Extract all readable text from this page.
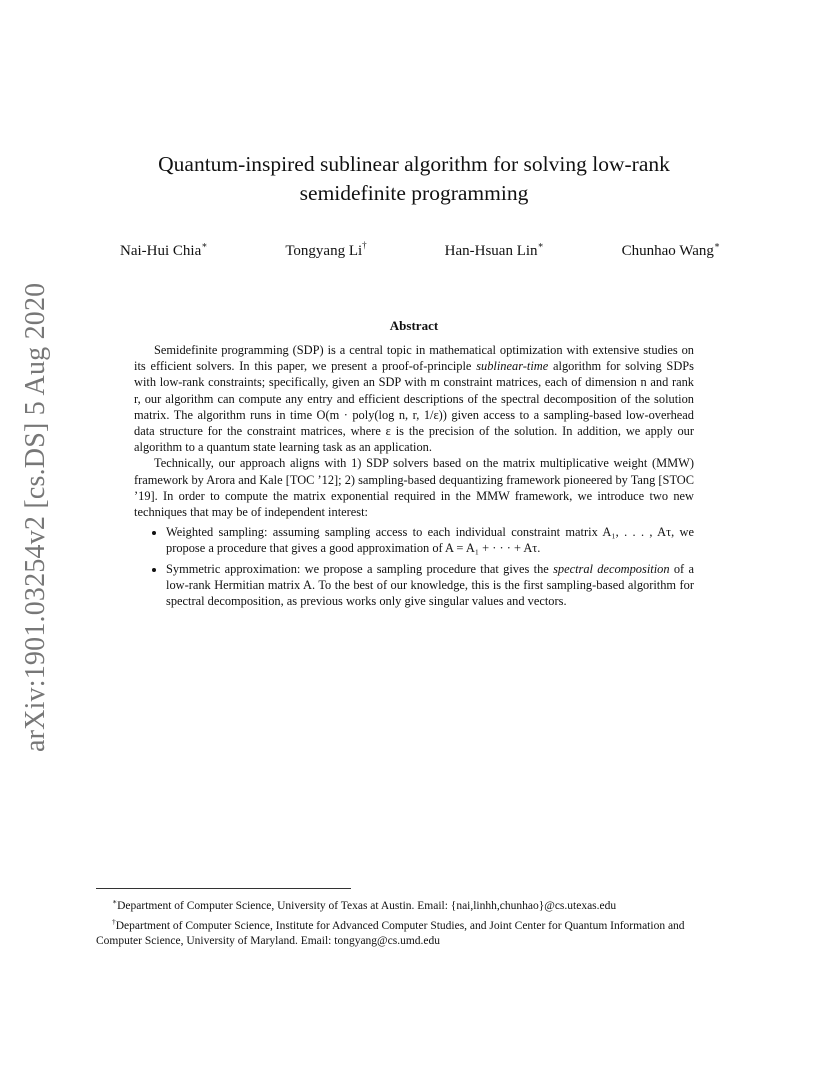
arXiv:1901.03254v2 [cs.DS] 5 Aug 2020
Quantum-inspired sublinear algorithm for solving low-rank semidefinite programming
Nai-Hui Chia∗	Tongyang Li†	Han-Hsuan Lin∗	Chunhao Wang∗
Abstract

Semidefinite programming (SDP) is a central topic in mathematical optimization with extensive studies on its efficient solvers. In this paper, we present a proof-of-principle sublinear-time algorithm for solving SDPs with low-rank constraints; specifically, given an SDP with m constraint matrices, each of dimension n and rank r, our algorithm can compute any entry and efficient descriptions of the spectral decomposition of the solution matrix. The algorithm runs in time O(m · poly(log n, r, 1/ε)) given access to a sampling-based low-overhead data structure for the constraint matrices, where ε is the precision of the solution. In addition, we apply our algorithm to a quantum state learning task as an application.

Technically, our approach aligns with 1) SDP solvers based on the matrix multiplicative weight (MMW) framework by Arora and Kale [TOC ’12]; 2) sampling-based dequantizing framework pioneered by Tang [STOC ’19]. In order to compute the matrix exponential required in the MMW framework, we introduce two new techniques that may be of independent interest:

• Weighted sampling: assuming sampling access to each individual constraint matrix A₁, . . . , Aτ, we propose a procedure that gives a good approximation of A = A₁ + · · · + Aτ.
• Symmetric approximation: we propose a sampling procedure that gives the spectral decomposition of a low-rank Hermitian matrix A. To the best of our knowledge, this is the first sampling-based algorithm for spectral decomposition, as previous works only give singular values and vectors.

∗Department of Computer Science, University of Texas at Austin. Email: {nai,linhh,chunhao}@cs.utexas.edu

†Department of Computer Science, Institute for Advanced Computer Studies, and Joint Center for Quantum Information and Computer Science, University of Maryland. Email: tongyang@cs.umd.edu
